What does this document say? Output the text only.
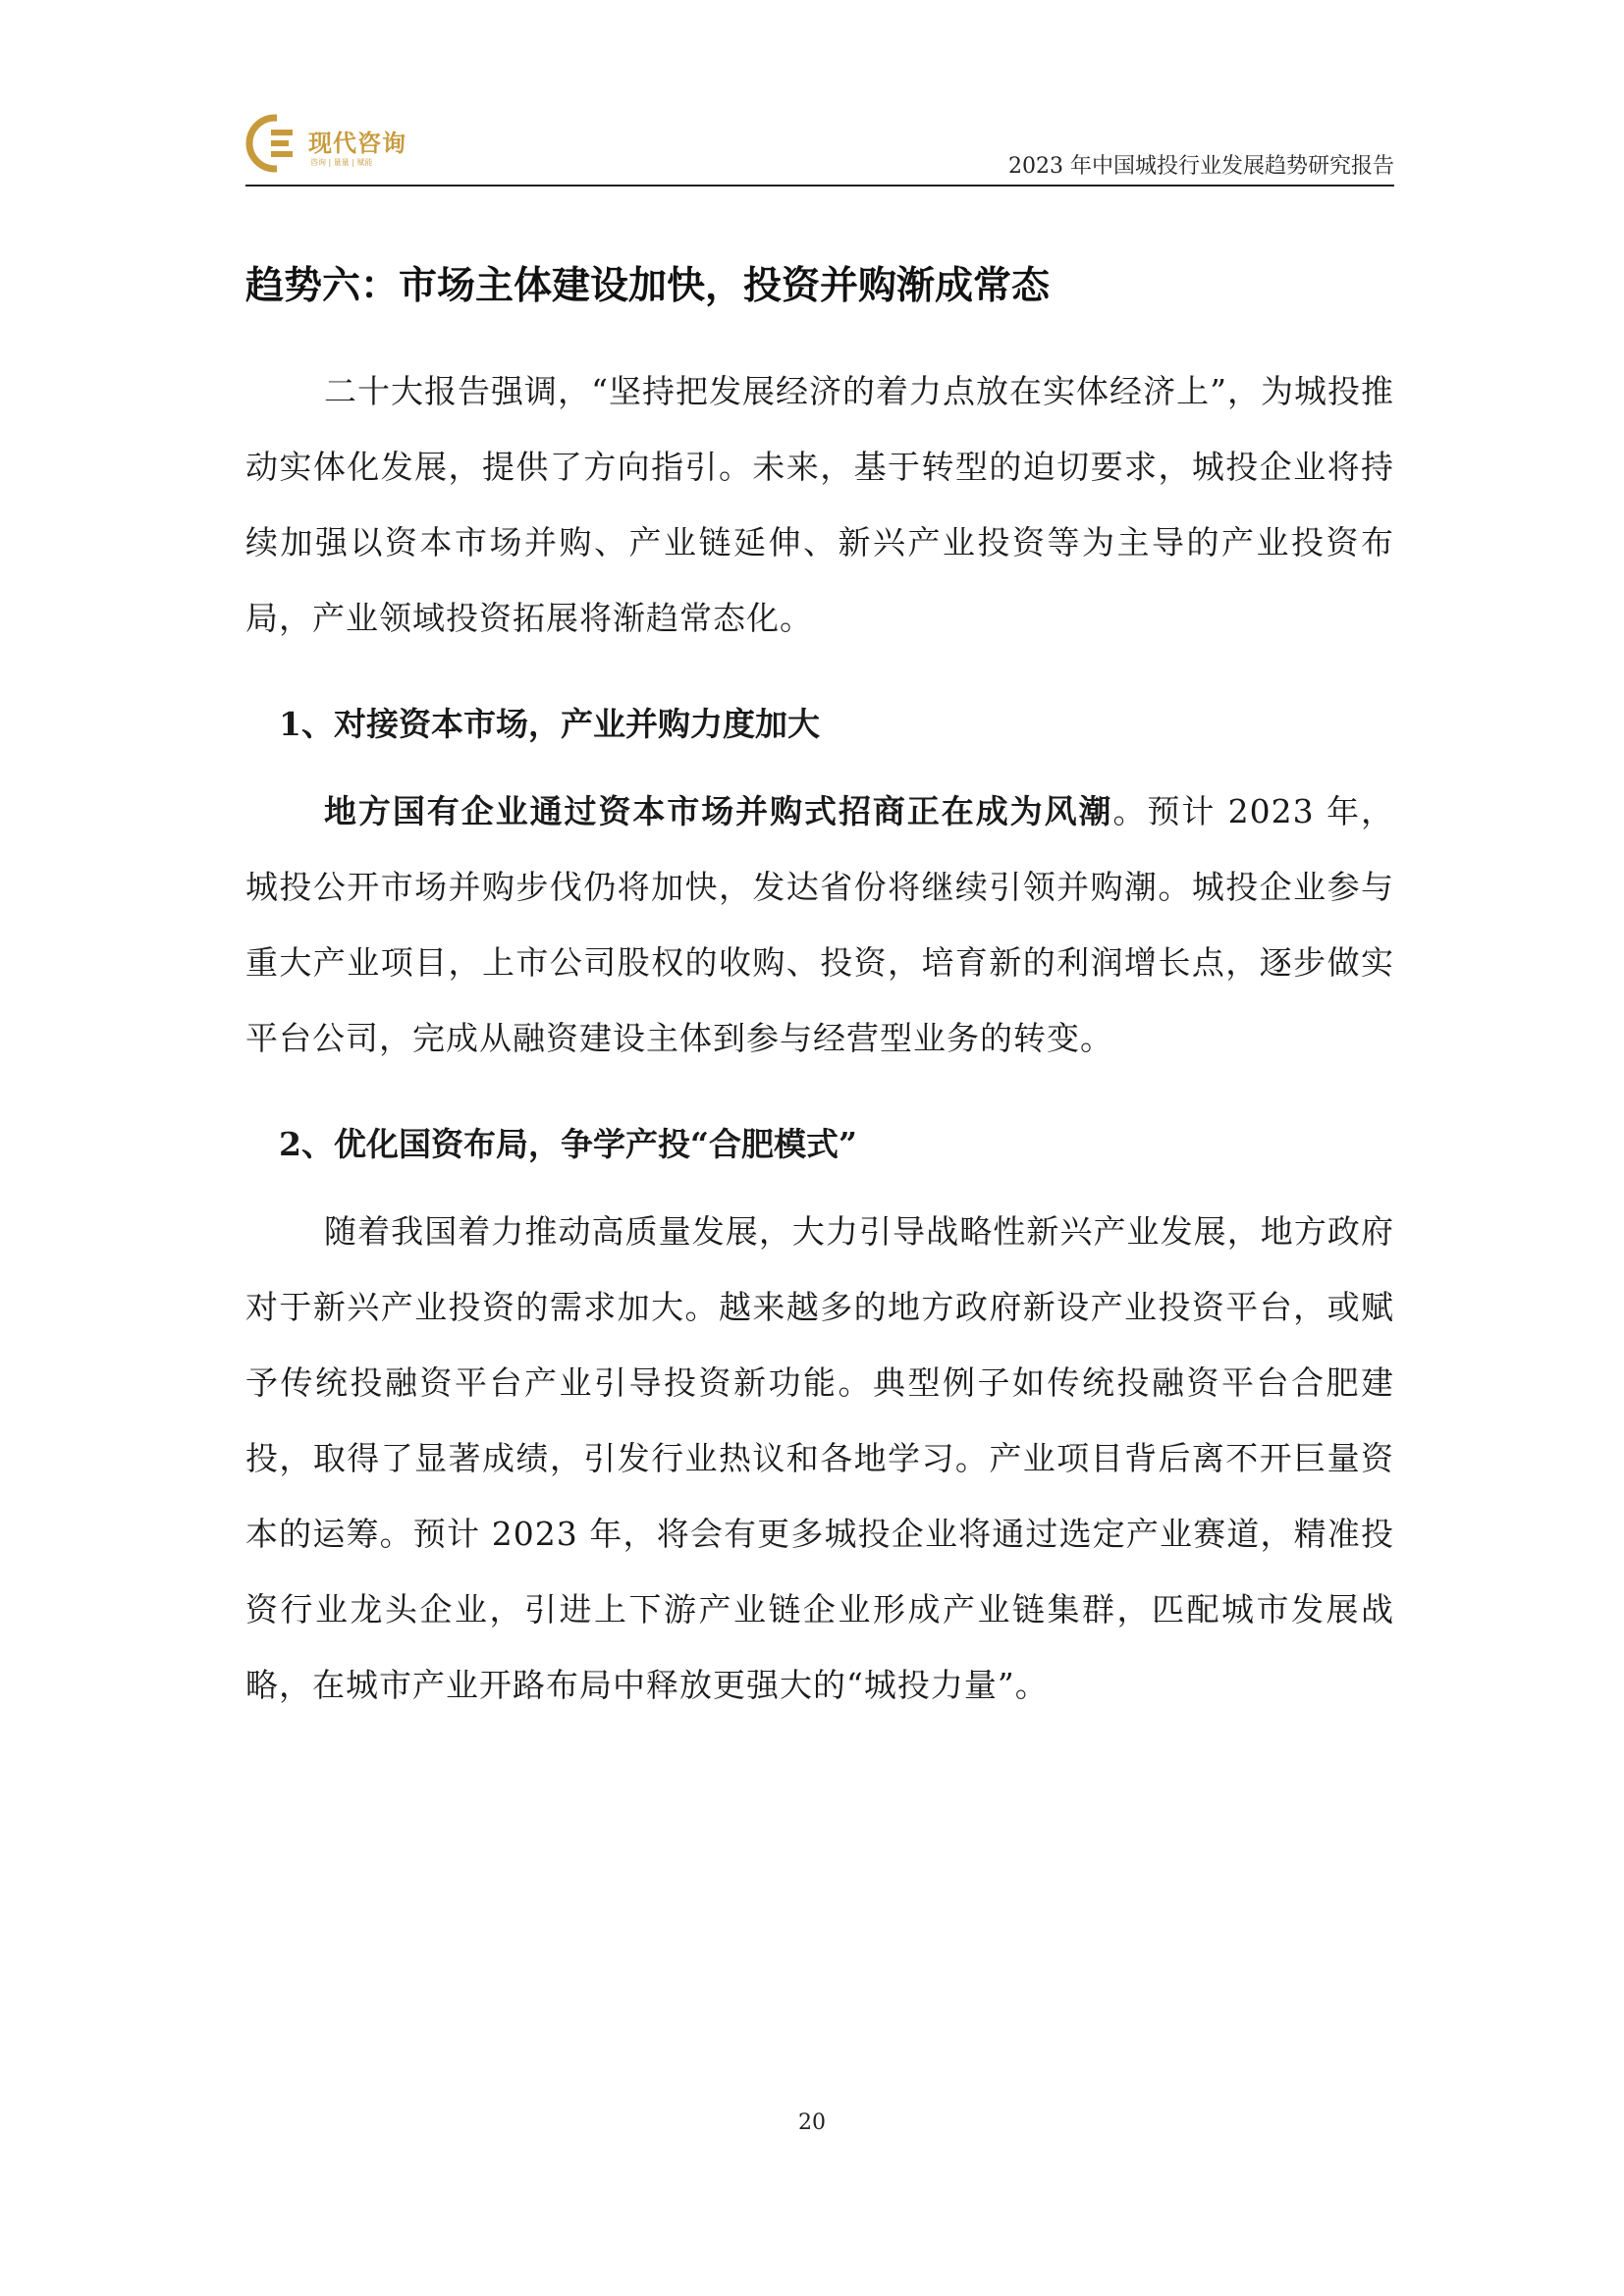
现代咨询
咨询 | 量量 | 赋能	2023 年中国城投行业发展趋势研究报告
趋势六：市场主体建设加快，投资并购渐成常态

二十大报告强调，“坚持把发展经济的着力点放在实体经济上”，为城投推动实体化发展，提供了方向指引。未来，基于转型的迫切要求，城投企业将持续加强以资本市场并购、产业链延伸、新兴产业投资等为主导的产业投资布局，产业领域投资拓展将渐趋常态化。

1、对接资本市场，产业并购力度加大

地方国有企业通过资本市场并购式招商正在成为风潮。预计 2023 年，城投公开市场并购步伐仍将加快，发达省份将继续引领并购潮。城投企业参与重大产业项目，上市公司股权的收购、投资，培育新的利润增长点，逐步做实平台公司，完成从融资建设主体到参与经营型业务的转变。

2、优化国资布局，争学产投“合肥模式”

随着我国着力推动高质量发展，大力引导战略性新兴产业发展，地方政府对于新兴产业投资的需求加大。越来越多的地方政府新设产业投资平台，或赋予传统投融资平台产业引导投资新功能。典型例子如传统投融资平台合肥建投，取得了显著成绩，引发行业热议和各地学习。产业项目背后离不开巨量资本的运筹。预计 2023 年，将会有更多城投企业将通过选定产业赛道，精准投资行业龙头企业，引进上下游产业链企业形成产业链集群，匹配城市发展战略，在城市产业开路布局中释放更强大的“城投力量”。

20
